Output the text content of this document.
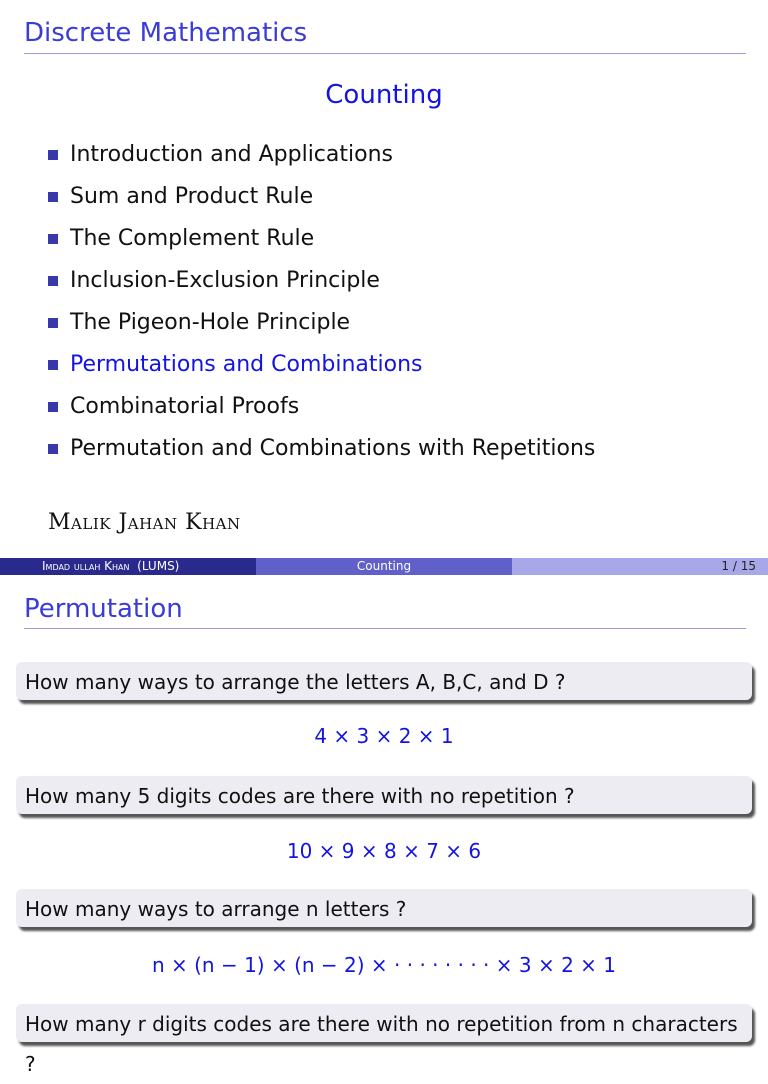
Discrete Mathematics
Counting
Introduction and Applications
Sum and Product Rule
The Complement Rule
Inclusion-Exclusion Principle
The Pigeon-Hole Principle
Permutations and Combinations
Combinatorial Proofs
Permutation and Combinations with Repetitions
Malik Jahan Khan
Imdad ullah Khan (LUMS)	Counting	1 / 15
Permutation
How many ways to arrange the letters A, B,C, and D ?
4 × 3 × 2 × 1
How many 5 digits codes are there with no repetition ?
10 × 9 × 8 × 7 × 6
How many ways to arrange n letters ?
n × (n − 1) × (n − 2) × · · · · · · · · × 3 × 2 × 1
How many r digits codes are there with no repetition from n characters ?
